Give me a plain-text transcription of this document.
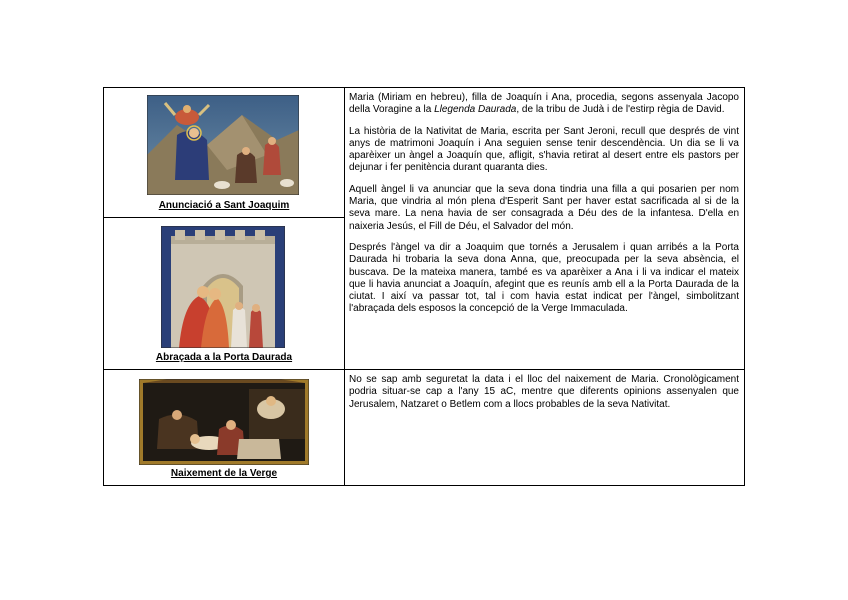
Anunciació a Sant Joaquim
Abraçada a la Porta Daurada
Naixement de la Verge

Maria (Miriam en hebreu), filla de Joaquín i Ana, procedia, segons assenyala Jacopo della Voragine a la Llegenda Daurada, de la tribu de Judà i de l'estirp règia de David.

La història de la Nativitat de Maria, escrita per Sant Jeroni, recull que després de vint anys de matrimoni Joaquín i Ana seguien sense tenir descendència. Un dia se li va aparèixer un àngel a Joaquín que, afligit, s'havia retirat al desert entre els pastors per dejunar i fer penitència durant quaranta dies.

Aquell àngel li va anunciar que la seva dona tindria una filla a qui posarien per nom Maria, que vindria al món plena d'Esperit Sant per haver estat sacrificada al si de la seva mare. La nena havia de ser consagrada a Déu des de la infantesa. D'ella en naixeria Jesús, el Fill de Déu, el Salvador del món.

Després l'àngel va dir a Joaquim que tornés a Jerusalem i quan arribés a la Porta Daurada hi trobaria la seva dona Anna, que, preocupada per la seva absència, el buscava. De la mateixa manera, també es va aparèixer a Ana i li va indicar el mateix que li havia anunciat a Joaquín, afegint que es reunís amb ell a la Porta Daurada de la ciutat. I així va passar tot, tal i com havia estat indicat per l'àngel, simbolitzant l'abraçada dels esposos la concepció de la Verge Immaculada.

No se sap amb seguretat la data i el lloc del naixement de Maria. Cronològicament podria situar-se cap a l'any 15 aC, mentre que diferents opinions assenyalen que Jerusalem, Natzaret o Betlem com a llocs probables de la seva Nativitat.
